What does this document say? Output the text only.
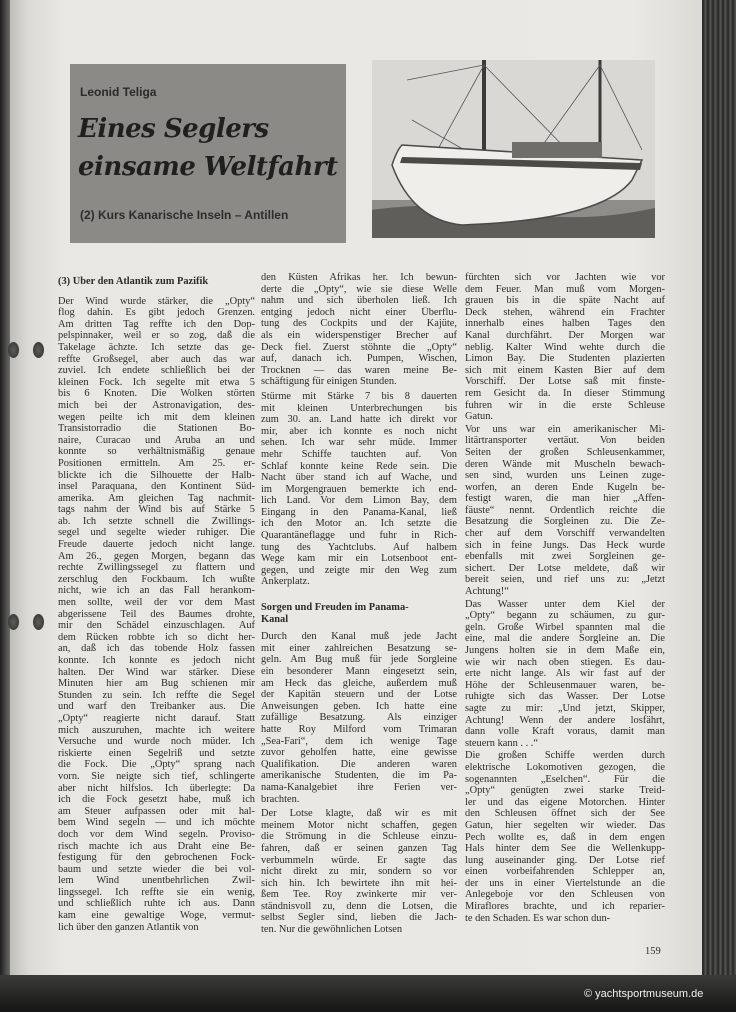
Leonid Teliga
Eines Seglers
einsame Weltfahrt
(2) Kurs Kanarische Inseln – Antillen
(3) Über den Atlantik zum Pazifik
Der Wind wurde stärker, die „Opty“
flog dahin. Es gibt jedoch Grenzen.
Am dritten Tag reffte ich den Dop-
pelspinnaker, weil er so zog, daß die
Takelage ächzte. Ich setzte das ge-
reffte Großsegel, aber auch das war
zuviel. Ich endete schließlich bei der
kleinen Fock. Ich segelte mit etwa 5
bis 6 Knoten. Die Wolken störten
mich bei der Astronavigation, des-
wegen peilte ich mit dem kleinen
Transistorradio die Stationen Bo-
naire, Curacao und Aruba an und
konnte so verhältnismäßig genaue
Positionen ermitteln. Am 25. er-
blickte ich die Silhouette der Halb-
insel Paraquana, den Kontinent Süd-
amerika. Am gleichen Tag nachmit-
tags nahm der Wind bis auf Stärke 5
ab. Ich setzte schnell die Zwillings-
segel und segelte wieder ruhiger. Die
Freude dauerte jedoch nicht lange.
Am 26., gegen Morgen, begann das
rechte Zwillingssegel zu flattern und
zerschlug den Fockbaum. Ich wußte
nicht, wie ich an das Fall herankom-
men sollte, weil der vor dem Mast
abgerissene Teil des Baumes drohte,
mir den Schädel einzuschlagen. Auf
dem Rücken robbte ich so dicht her-
an, daß ich das tobende Holz fassen
konnte. Ich konnte es jedoch nicht
halten. Der Wind war stärker. Diese
Minuten hier am Bug schienen mir
Stunden zu sein. Ich reffte die Segel
und warf den Treibanker aus. Die
„Opty“ reagierte nicht darauf. Statt
mich auszuruhen, machte ich weitere
Versuche und wurde noch müder. Ich
riskierte einen Segelriß und setzte
die Fock. Die „Opty“ sprang nach
vorn. Sie neigte sich tief, schlingerte
aber nicht hilfslos. Ich überlegte: Da
ich die Fock gesetzt habe, muß ich
am Steuer aufpassen oder mit hal-
bem Wind segeln — und ich möchte
doch vor dem Wind segeln. Proviso-
risch machte ich aus Draht eine Be-
festigung für den gebrochenen Fock-
baum und setzte wieder die bei vol-
lem Wind unentbehrlichen Zwil-
lingssegel. Ich reffte sie ein wenig,
und schließlich ruhte ich aus. Dann
kam eine gewaltige Woge, vermut-
lich über den ganzen Atlantik von
den Küsten Afrikas her. Ich bewun-
derte die „Opty“, wie sie diese Welle
nahm und sich überholen ließ. Ich
entging jedoch nicht einer Überflu-
tung des Cockpits und der Kajüte,
als ein widerspenstiger Brecher auf
Deck fiel. Zuerst stöhnte die „Opty“
auf, danach ich. Pumpen, Wischen,
Trocknen — das waren meine Be-
schäftigung für einigen Stunden.
Stürme mit Stärke 7 bis 8 dauerten
mit kleinen Unterbrechungen bis
zum 30. an. Land hatte ich direkt vor
mir, aber ich konnte es noch nicht
sehen. Ich war sehr müde. Immer
mehr Schiffe tauchten auf. Von
Schlaf konnte keine Rede sein. Die
Nacht über stand ich auf Wache, und
im Morgengrauen bemerkte ich end-
lich Land. Vor dem Limon Bay, dem
Eingang in den Panama-Kanal, ließ
ich den Motor an. Ich setzte die
Quarantäneflagge und fuhr in Rich-
tung des Yachtclubs. Auf halbem
Wege kam mir ein Lotsenboot ent-
gegen, und zeigte mir den Weg zum
Ankerplatz.
Sorgen und Freuden im Panama-
Kanal
Durch den Kanal muß jede Jacht
mit einer zahlreichen Besatzung se-
geln. Am Bug muß für jede Sorgleine
ein besonderer Mann eingesetzt sein,
am Heck das gleiche, außerdem muß
der Kapitän steuern und der Lotse
Anweisungen geben. Ich hatte eine
zufällige Besatzung. Als einziger
hatte Roy Milford vom Trimaran
„Sea-Fari“, dem ich wenige Tage
zuvor geholfen hatte, eine gewisse
Qualifikation. Die anderen waren
amerikanische Studenten, die im Pa-
nama-Kanalgebiet ihre Ferien ver-
brachten.
Der Lotse klagte, daß wir es mit
meinem Motor nicht schaffen, gegen
die Strömung in die Schleuse einzu-
fahren, daß er seinen ganzen Tag
verbummeln würde. Er sagte das
nicht direkt zu mir, sondern so vor
sich hin. Ich bewirtete ihn mit hei-
ßem Tee. Roy zwinkerte mir ver-
ständnisvoll zu, denn die Lotsen, die
selbst Segler sind, lieben die Jach-
ten. Nur die gewöhnlichen Lotsen
fürchten sich vor Jachten wie vor
dem Feuer. Man muß vom Morgen-
grauen bis in die späte Nacht auf
Deck stehen, während ein Frachter
innerhalb eines halben Tages den
Kanal durchfährt. Der Morgen war
neblig. Kalter Wind wehte durch die
Limon Bay. Die Studenten plazierten
sich mit einem Kasten Bier auf dem
Vorschiff. Der Lotse saß mit finste-
rem Gesicht da. In dieser Stimmung
fuhren wir in die erste Schleuse
Gatun.
Vor uns war ein amerikanischer Mi-
litärtransporter vertäut. Von beiden
Seiten der großen Schleusenkammer,
deren Wände mit Muscheln bewach-
sen sind, wurden uns Leinen zuge-
worfen, an deren Ende Kugeln be-
festigt waren, die man hier „Affen-
fäuste“ nennt. Ordentlich reichte die
Besatzung die Sorgleinen zu. Die Ze-
cher auf dem Vorschiff verwandelten
sich in feine Jungs. Das Heck wurde
ebenfalls mit zwei Sorgleinen ge-
sichert. Der Lotse meldete, daß wir
bereit seien, und rief uns zu: „Jetzt
Achtung!“
Das Wasser unter dem Kiel der
„Opty“ begann zu schäumen, zu gur-
geln. Große Wirbel spannten mal die
eine, mal die andere Sorgleine an. Die
Jungens holten sie in dem Maße ein,
wie wir nach oben stiegen. Es dau-
erte nicht lange. Als wir fast auf der
Höhe der Schleusenmauer waren, be-
ruhigte sich das Wasser. Der Lotse
sagte zu mir: „Und jetzt, Skipper,
Achtung! Wenn der andere losfährt,
dann volle Kraft voraus, damit man
steuern kann . . .“
Die großen Schiffe werden durch
elektrische Lokomotiven gezogen, die
sogenannten „Eselchen“. Für die
„Opty“ genügten zwei starke Treid-
ler und das eigene Motorchen. Hinter
den Schleusen öffnet sich der See
Gatun, hier segelten wir wieder. Das
Pech wollte es, daß in dem engen
Hals hinter dem See die Wellenkupp-
lung auseinander ging. Der Lotse rief
einen vorbeifahrenden Schlepper an,
der uns in einer Viertelstunde an die
Anlegeboje vor den Schleusen von
Miraflores brachte, und ich reparier-
te den Schaden. Es war schon dun-
159
© yachtsportmuseum.de
